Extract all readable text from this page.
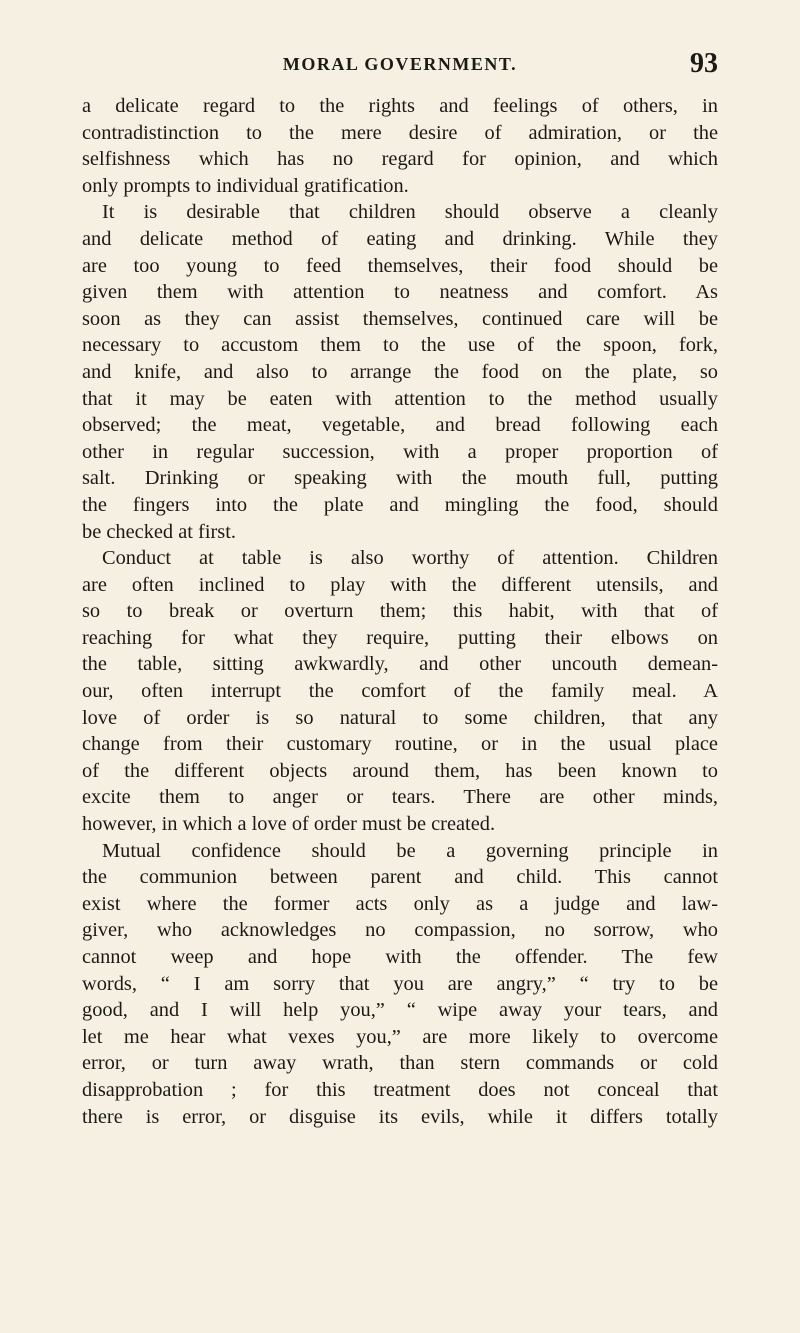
MORAL GOVERNMENT.	93
a delicate regard to the rights and feelings of others, in
contradistinction to the mere desire of admiration, or the
selfishness which has no regard for opinion, and which
only prompts to individual gratification.
It is desirable that children should observe a cleanly
and delicate method of eating and drinking. While they
are too young to feed themselves, their food should be
given them with attention to neatness and comfort. As
soon as they can assist themselves, continued care will be
necessary to accustom them to the use of the spoon, fork,
and knife, and also to arrange the food on the plate, so
that it may be eaten with attention to the method usually
observed; the meat, vegetable, and bread following each
other in regular succession, with a proper proportion of
salt. Drinking or speaking with the mouth full, putting
the fingers into the plate and mingling the food, should
be checked at first.
Conduct at table is also worthy of attention. Children
are often inclined to play with the different utensils, and
so to break or overturn them; this habit, with that of
reaching for what they require, putting their elbows on
the table, sitting awkwardly, and other uncouth demean-
our, often interrupt the comfort of the family meal. A
love of order is so natural to some children, that any
change from their customary routine, or in the usual place
of the different objects around them, has been known to
excite them to anger or tears. There are other minds,
however, in which a love of order must be created.
Mutual confidence should be a governing principle in
the communion between parent and child. This cannot
exist where the former acts only as a judge and law-
giver, who acknowledges no compassion, no sorrow, who
cannot weep and hope with the offender. The few
words, “ I am sorry that you are angry,” “ try to be
good, and I will help you,” “ wipe away your tears, and
let me hear what vexes you,” are more likely to overcome
error, or turn away wrath, than stern commands or cold
disapprobation ; for this treatment does not conceal that
there is error, or disguise its evils, while it differs totally
